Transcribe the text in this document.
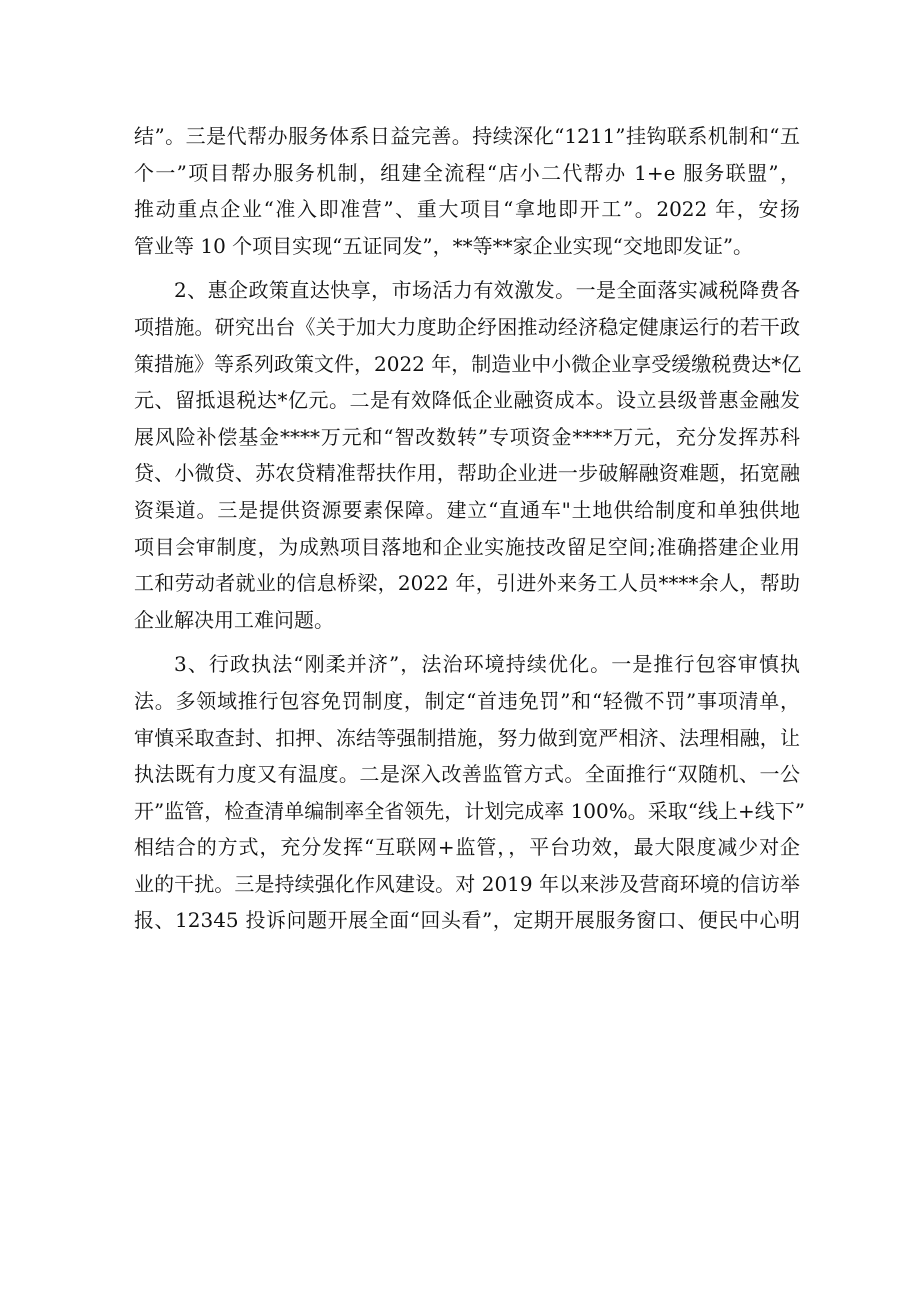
结”。三是代帮办服务体系日益完善。持续深化“1211”挂钩联系机制和“五
个一”项目帮办服务机制，组建全流程“店小二代帮办 1+e 服务联盟”，
推动重点企业“准入即准营”、重大项目“拿地即开工”。2022 年，安扬
管业等 10 个项目实现“五证同发”，**等**家企业实现“交地即发证”。
2、惠企政策直达快享，市场活力有效激发。一是全面落实减税降费各
项措施。研究出台《关于加大力度助企纾困推动经济稳定健康运行的若干政
策措施》等系列政策文件，2022 年，制造业中小微企业享受缓缴税费达*亿
元、留抵退税达*亿元。二是有效降低企业融资成本。设立县级普惠金融发
展风险补偿基金****万元和“智改数转”专项资金****万元，充分发挥苏科
贷、小微贷、苏农贷精准帮扶作用，帮助企业进一步破解融资难题，拓宽融
资渠道。三是提供资源要素保障。建立“直通车"土地供给制度和单独供地
项目会审制度，为成熟项目落地和企业实施技改留足空间;准确搭建企业用
工和劳动者就业的信息桥梁，2022 年，引进外来务工人员****余人，帮助
企业解决用工难问题。
3、行政执法“刚柔并济”，法治环境持续优化。一是推行包容审慎执
法。多领域推行包容免罚制度，制定“首违免罚”和“轻微不罚”事项清单，
审慎采取查封、扣押、冻结等强制措施，努力做到宽严相济、法理相融，让
执法既有力度又有温度。二是深入改善监管方式。全面推行“双随机、一公
开”监管，检查清单编制率全省领先，计划完成率 100%。采取“线上+线下”
相结合的方式，充分发挥“互联网+监管，，平台功效，最大限度减少对企
业的干扰。三是持续强化作风建设。对 2019 年以来涉及营商环境的信访举
报、12345 投诉问题开展全面“回头看”，定期开展服务窗口、便民中心明
